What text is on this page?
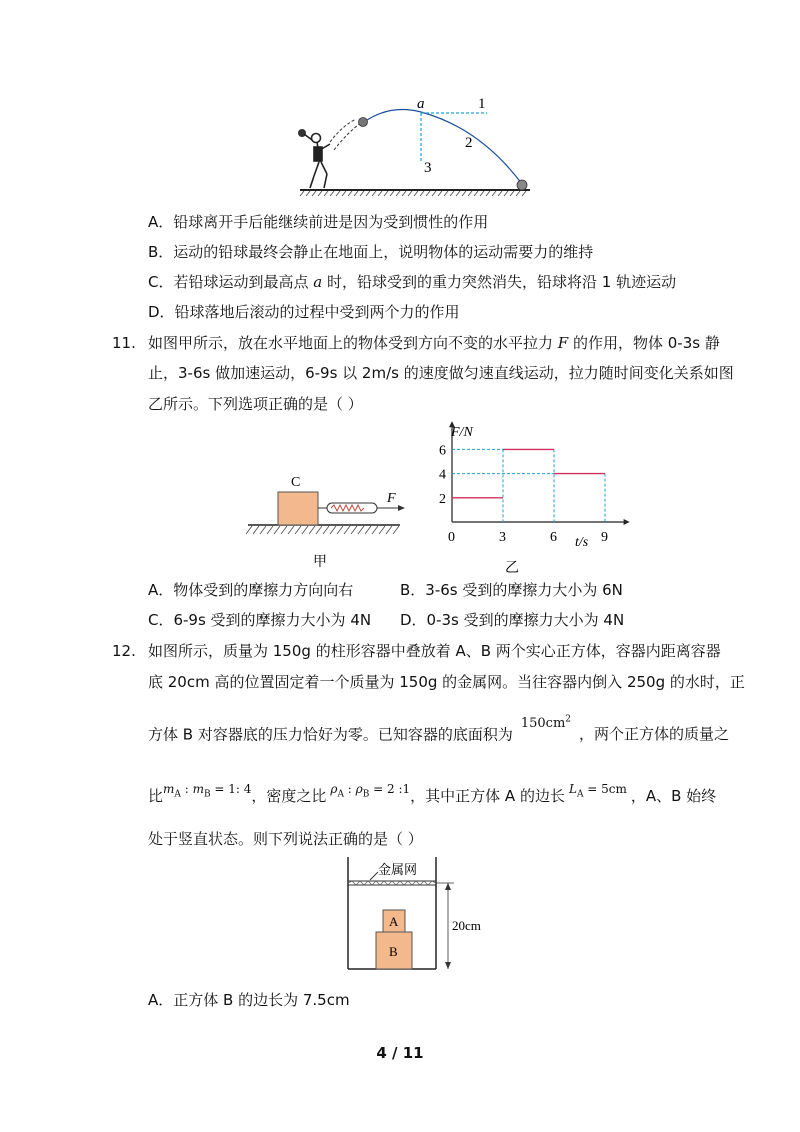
a	1
2
3
A．铅球离开手后能继续前进是因为受到惯性的作用
B．运动的铅球最终会静止在地面上，说明物体的运动需要力的维持
C．若铅球运动到最高点 a 时，铅球受到的重力突然消失，铅球将沿 1 轨迹运动
D．铅球落地后滚动的过程中受到两个力的作用
11. 如图甲所示，放在水平地面上的物体受到方向不变的水平拉力 F 的作用，物体 0-3s 静
止，3-6s 做加速运动，6-9s 以 2m/s 的速度做匀速直线运动，拉力随时间变化关系如图
乙所示。下列选项正确的是（ ）
C
F
甲
2
4
6
0	3	6	9
F/N
t/s
乙
A．物体受到的摩擦力方向向右	B．3-6s 受到的摩擦力大小为 6N
C．6-9s 受到的摩擦力大小为 4N D．0-3s 受到的摩擦力大小为 4N
12. 如图所示，质量为 150g 的柱形容器中叠放着 A、B 两个实心正方体，容器内距离容器
底 20cm 高的位置固定着一个质量为 150g 的金属网。当往容器内倒入 250g 的水时，正
方体 B 对容器底的压力恰好为零。已知容器的底面积为$150cm^2$，两个正方体的质量之
比$^{m_A : m_B = 1: 4}$，密度之比 $^{\rho_A : \rho_B = 2 :1}$，其中正方体 A 的边长 $^{L_A = 5cm}$ ，A、B 始终
处于竖直状态。则下列说法正确的是（ ）
金属网
A
B
20cm
A．正方体 B 的边长为 7.5cm
4 / 11
